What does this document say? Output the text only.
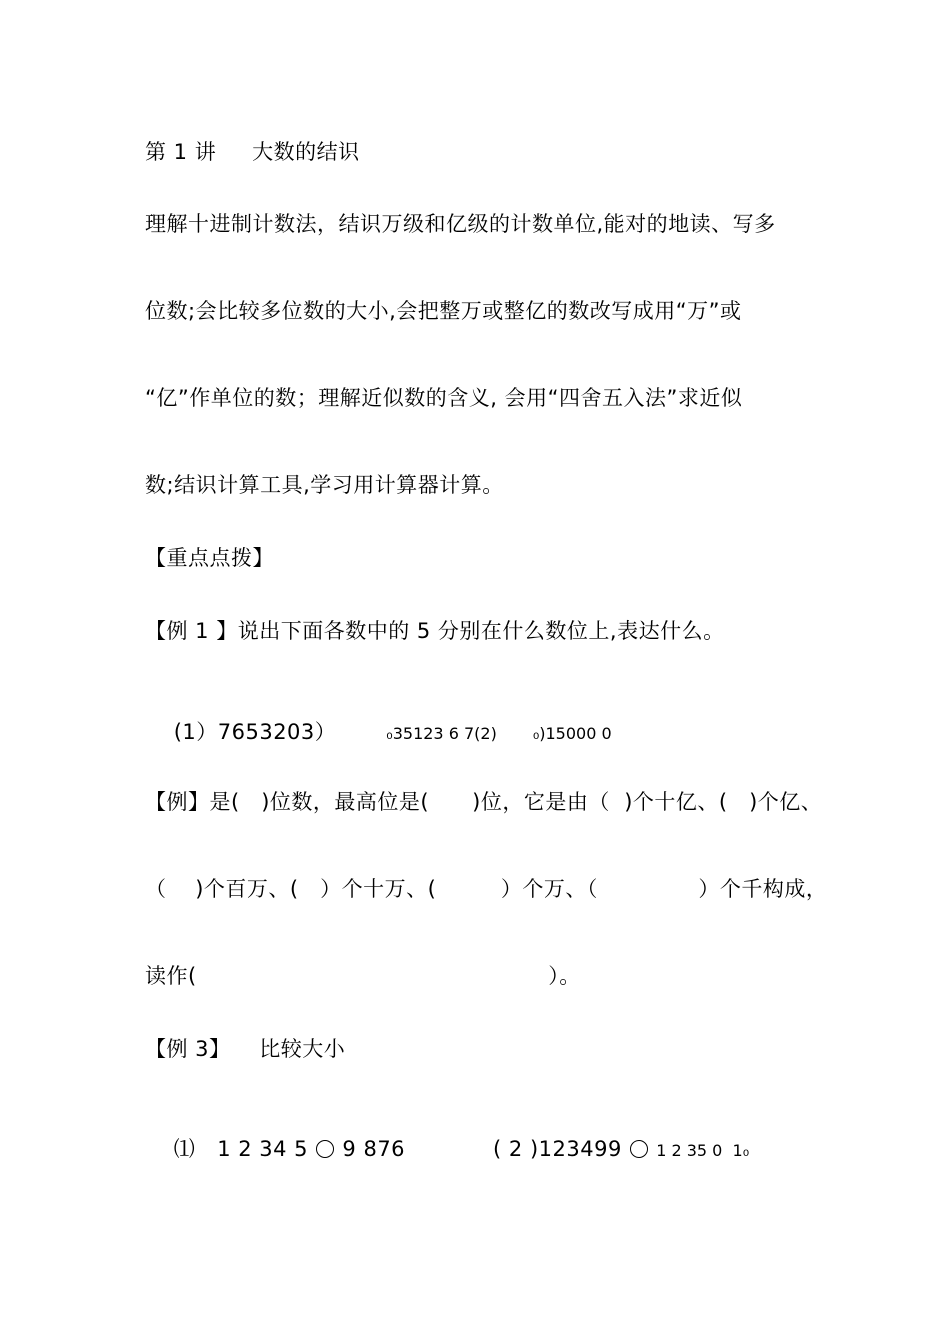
第 1 讲     大数的结识
理解十进制计数法，结识万级和亿级的计数单位,能对的地读、写多
位数;会比较多位数的大小,会把整万或整亿的数改写成用“万”或
“亿”作单位的数；理解近似数的含义, 会用“四舍五入法”求近似
数;结识计算工具,学习用计算器计算。
【重点点拨】
【例 1 】说出下面各数中的 5 分别在什么数位上,表达什么。

(1）7653203）	₀35123 6 7(2) ₀)15000 0

【例】是(   )位数，最高位是(      )位，它是由（  )个十亿、(   )个亿、
（    )个百万、(   ）个十万、(         ）个万、（              ）个千构成，
读作(                                                 ）。
【例 3】    比较大小

⑴ 1 2 34 5 9 876	( 2 )123499 1 2 35 0  1₀
